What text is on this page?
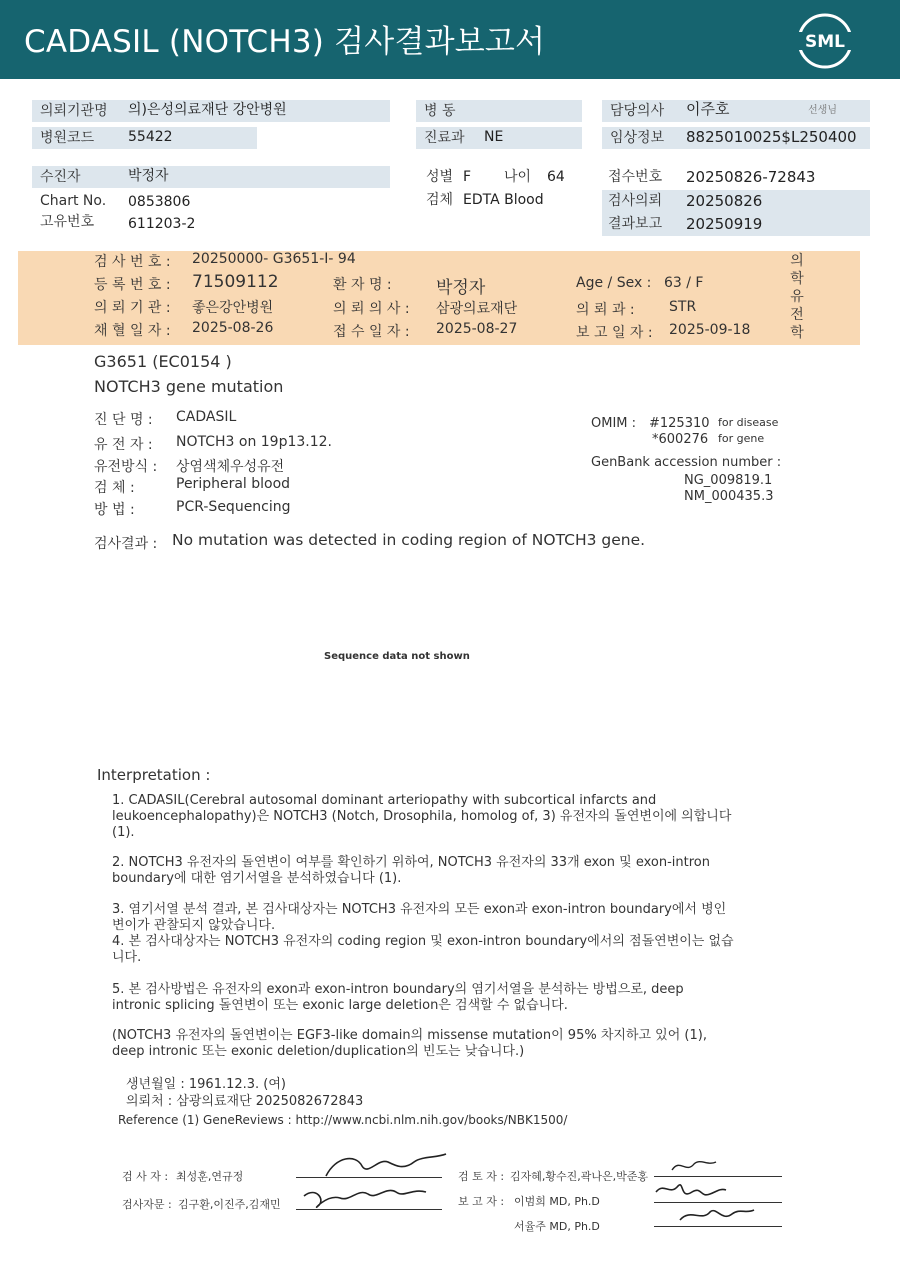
CADASIL (NOTCH3) 검사결과보고서	SML
의뢰기관명	의)은성의료재단 강안병원
병원코드	55422
병 동
진료과	NE
담당의사	이주호	선생님
임상정보	8825010025$L250400
수진자	박정자
Chart No. 0853806
고유번호 611203-2
성별 F 나이 64
검체 EDTA Blood
접수번호 20250826-72843
검사의뢰 20250826
결과보고 20250919
검 사 번 호 : 20250000- G3651-I- 94
등 록 번 호 : 71509112	환 자 명 :	박정자	Age / Sex : 63 / F
의 뢰 기 관 : 좋은강안병원	의 뢰 의 사 : 삼광의료재단	의 뢰 과 : STR
채 혈 일 자 : 2025-08-26	접 수 일 자 : 2025-08-27	보 고 일 자 : 2025-09-18
의학유전학
G3651 (EC0154 )
NOTCH3 gene mutation
진 단 명 : CADASIL
유 전 자 : NOTCH3 on 19p13.12.
유전방식 : 상염색체우성유전
검 체 :	Peripheral blood
방 법 :	PCR-Sequencing
OMIM : #125310 for disease
*600276 for gene
GenBank accession number :
NG_009819.1
NM_000435.3
검사결과 : No mutation was detected in coding region of NOTCH3 gene.
Sequence data not shown
Interpretation :
1. CADASIL(Cerebral autosomal dominant arteriopathy with subcortical infarcts and
leukoencephalopathy)은 NOTCH3 (Notch, Drosophila, homolog of, 3) 유전자의 돌연변이에 의합니다
(1).
2. NOTCH3 유전자의 돌연변이 여부를 확인하기 위하여, NOTCH3 유전자의 33개 exon 및 exon-intron
boundary에 대한 염기서열을 분석하였습니다 (1).
3. 염기서열 분석 결과, 본 검사대상자는 NOTCH3 유전자의 모든 exon과 exon-intron boundary에서 병인
변이가 관찰되지 않았습니다.
4. 본 검사대상자는 NOTCH3 유전자의 coding region 및 exon-intron boundary에서의 점돌연변이는 없습
니다.
5. 본 검사방법은 유전자의 exon과 exon-intron boundary의 염기서열을 분석하는 방법으로, deep
intronic splicing 돌연변이 또는 exonic large deletion은 검색할 수 없습니다.
(NOTCH3 유전자의 돌연변이는 EGF3-like domain의 missense mutation이 95% 차지하고 있어 (1),
deep intronic 또는 exonic deletion/duplication의 빈도는 낮습니다.)
생년월일 : 1961.12.3. (여)
의뢰처 : 삼광의료재단 2025082672843
Reference (1) GeneReviews : http://www.ncbi.nlm.nih.gov/books/NBK1500/
검 사 자 : 최성훈,연규정
검사자문 : 김구환,이진주,김재민
검 토 자 : 김자혜,황수진,곽나은,박준홍
보 고 자 : 이범희 MD, Ph.D
서율주 MD, Ph.D
